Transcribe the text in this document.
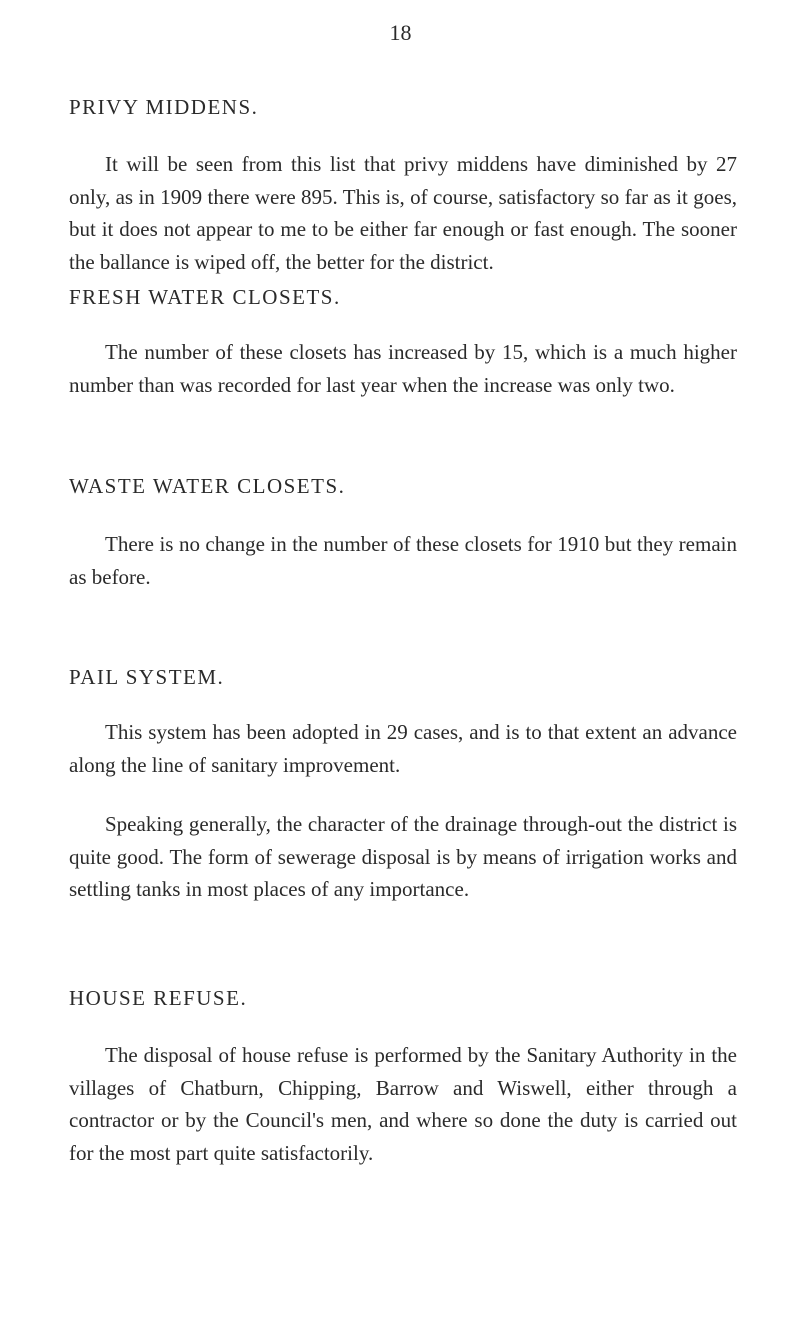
18
PRIVY MIDDENS.

It will be seen from this list that privy middens have diminished by 27 only, as in 1909 there were 895. This is, of course, satisfactory so far as it goes, but it does not appear to me to be either far enough or fast enough. The sooner the ballance is wiped off, the better for the district.

FRESH WATER CLOSETS.

The number of these closets has increased by 15, which is a much higher number than was recorded for last year when the increase was only two.

WASTE WATER CLOSETS.

There is no change in the number of these closets for 1910 but they remain as before.

PAIL SYSTEM.

This system has been adopted in 29 cases, and is to that extent an advance along the line of sanitary improvement.

Speaking generally, the character of the drainage through-out the district is quite good. The form of sewerage disposal is by means of irrigation works and settling tanks in most places of any importance.

HOUSE REFUSE.

The disposal of house refuse is performed by the Sanitary Authority in the villages of Chatburn, Chipping, Barrow and Wiswell, either through a contractor or by the Council's men, and where so done the duty is carried out for the most part quite satisfactorily.
